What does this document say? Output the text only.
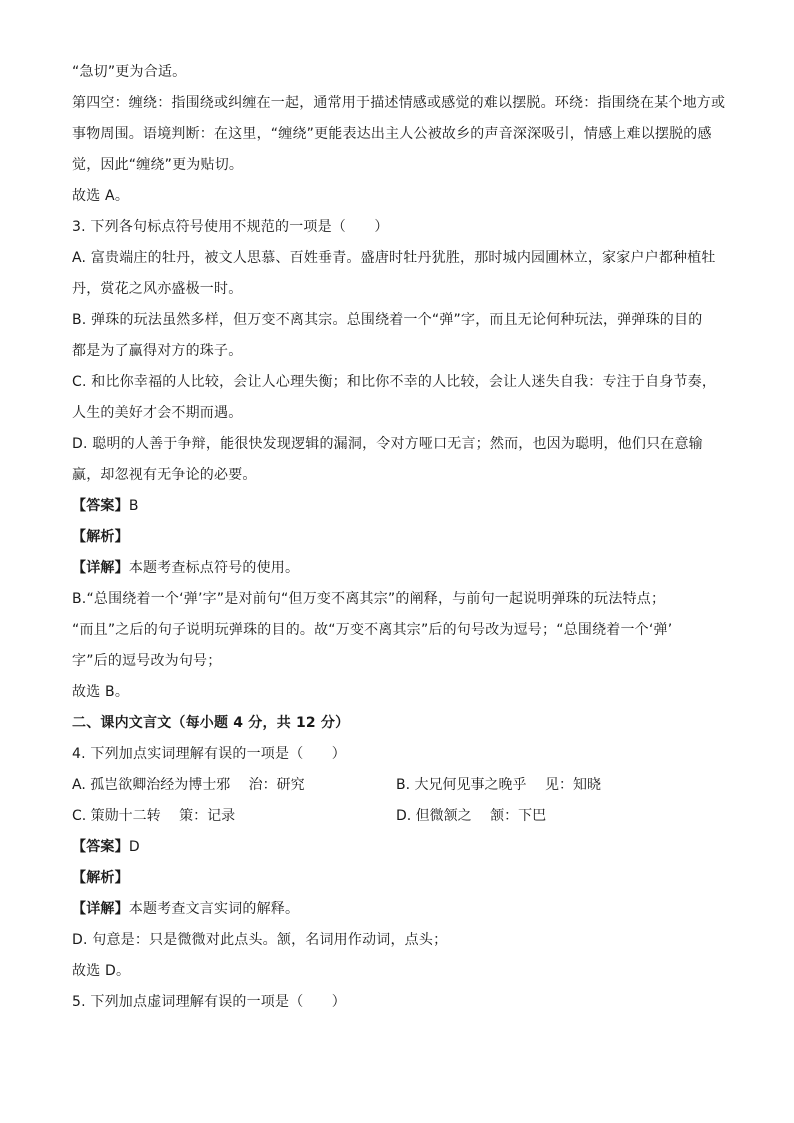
“急切”更为合适。
第四空：缠绕：指围绕或纠缠在一起，通常用于描述情感或感觉的难以摆脱。环绕：指围绕在某个地方或
事物周围。语境判断：在这里，“缠绕”更能表达出主人公被故乡的声音深深吸引，情感上难以摆脱的感
觉，因此“缠绕”更为贴切。
故选 A。
3. 下列各句标点符号使用不规范的一项是（　　）
A. 富贵端庄的牡丹，被文人思慕、百姓垂青。盛唐时牡丹犹胜，那时城内园圃林立，家家户户都种植牡
丹，赏花之风亦盛极一时。
B. 弹珠的玩法虽然多样，但万变不离其宗。总围绕着一个“弹”字，而且无论何种玩法，弹弹珠的目的
都是为了赢得对方的珠子。
C. 和比你幸福的人比较，会让人心理失衡；和比你不幸的人比较，会让人迷失自我：专注于自身节奏，
人生的美好才会不期而遇。
D. 聪明的人善于争辩，能很快发现逻辑的漏洞，令对方哑口无言；然而，也因为聪明，他们只在意输
赢，却忽视有无争论的必要。
【答案】B
【解析】
【详解】本题考查标点符号的使用。
B.“总围绕着一个‘弹’字”是对前句“但万变不离其宗”的阐释，与前句一起说明弹珠的玩法特点；
“而且”之后的句子说明玩弹珠的目的。故“万变不离其宗”后的句号改为逗号；“总围绕着一个‘弹’
字”后的逗号改为句号；
故选 B。
二、课内文言文（每小题 4 分，共 12 分）
4. 下列加点实词理解有误的一项是（　　）
A. 孤岂欲卿治经为博士邪　 治：研究	B. 大兄何见事之晚乎　 见：知晓
C. 策勋十二转　 策：记录	D. 但微颔之　 颔：下巴
【答案】D
【解析】
【详解】本题考查文言实词的解释。
D. 句意是：只是微微对此点头。颔，名词用作动词，点头；
故选 D。
5. 下列加点虚词理解有误的一项是（　　）
